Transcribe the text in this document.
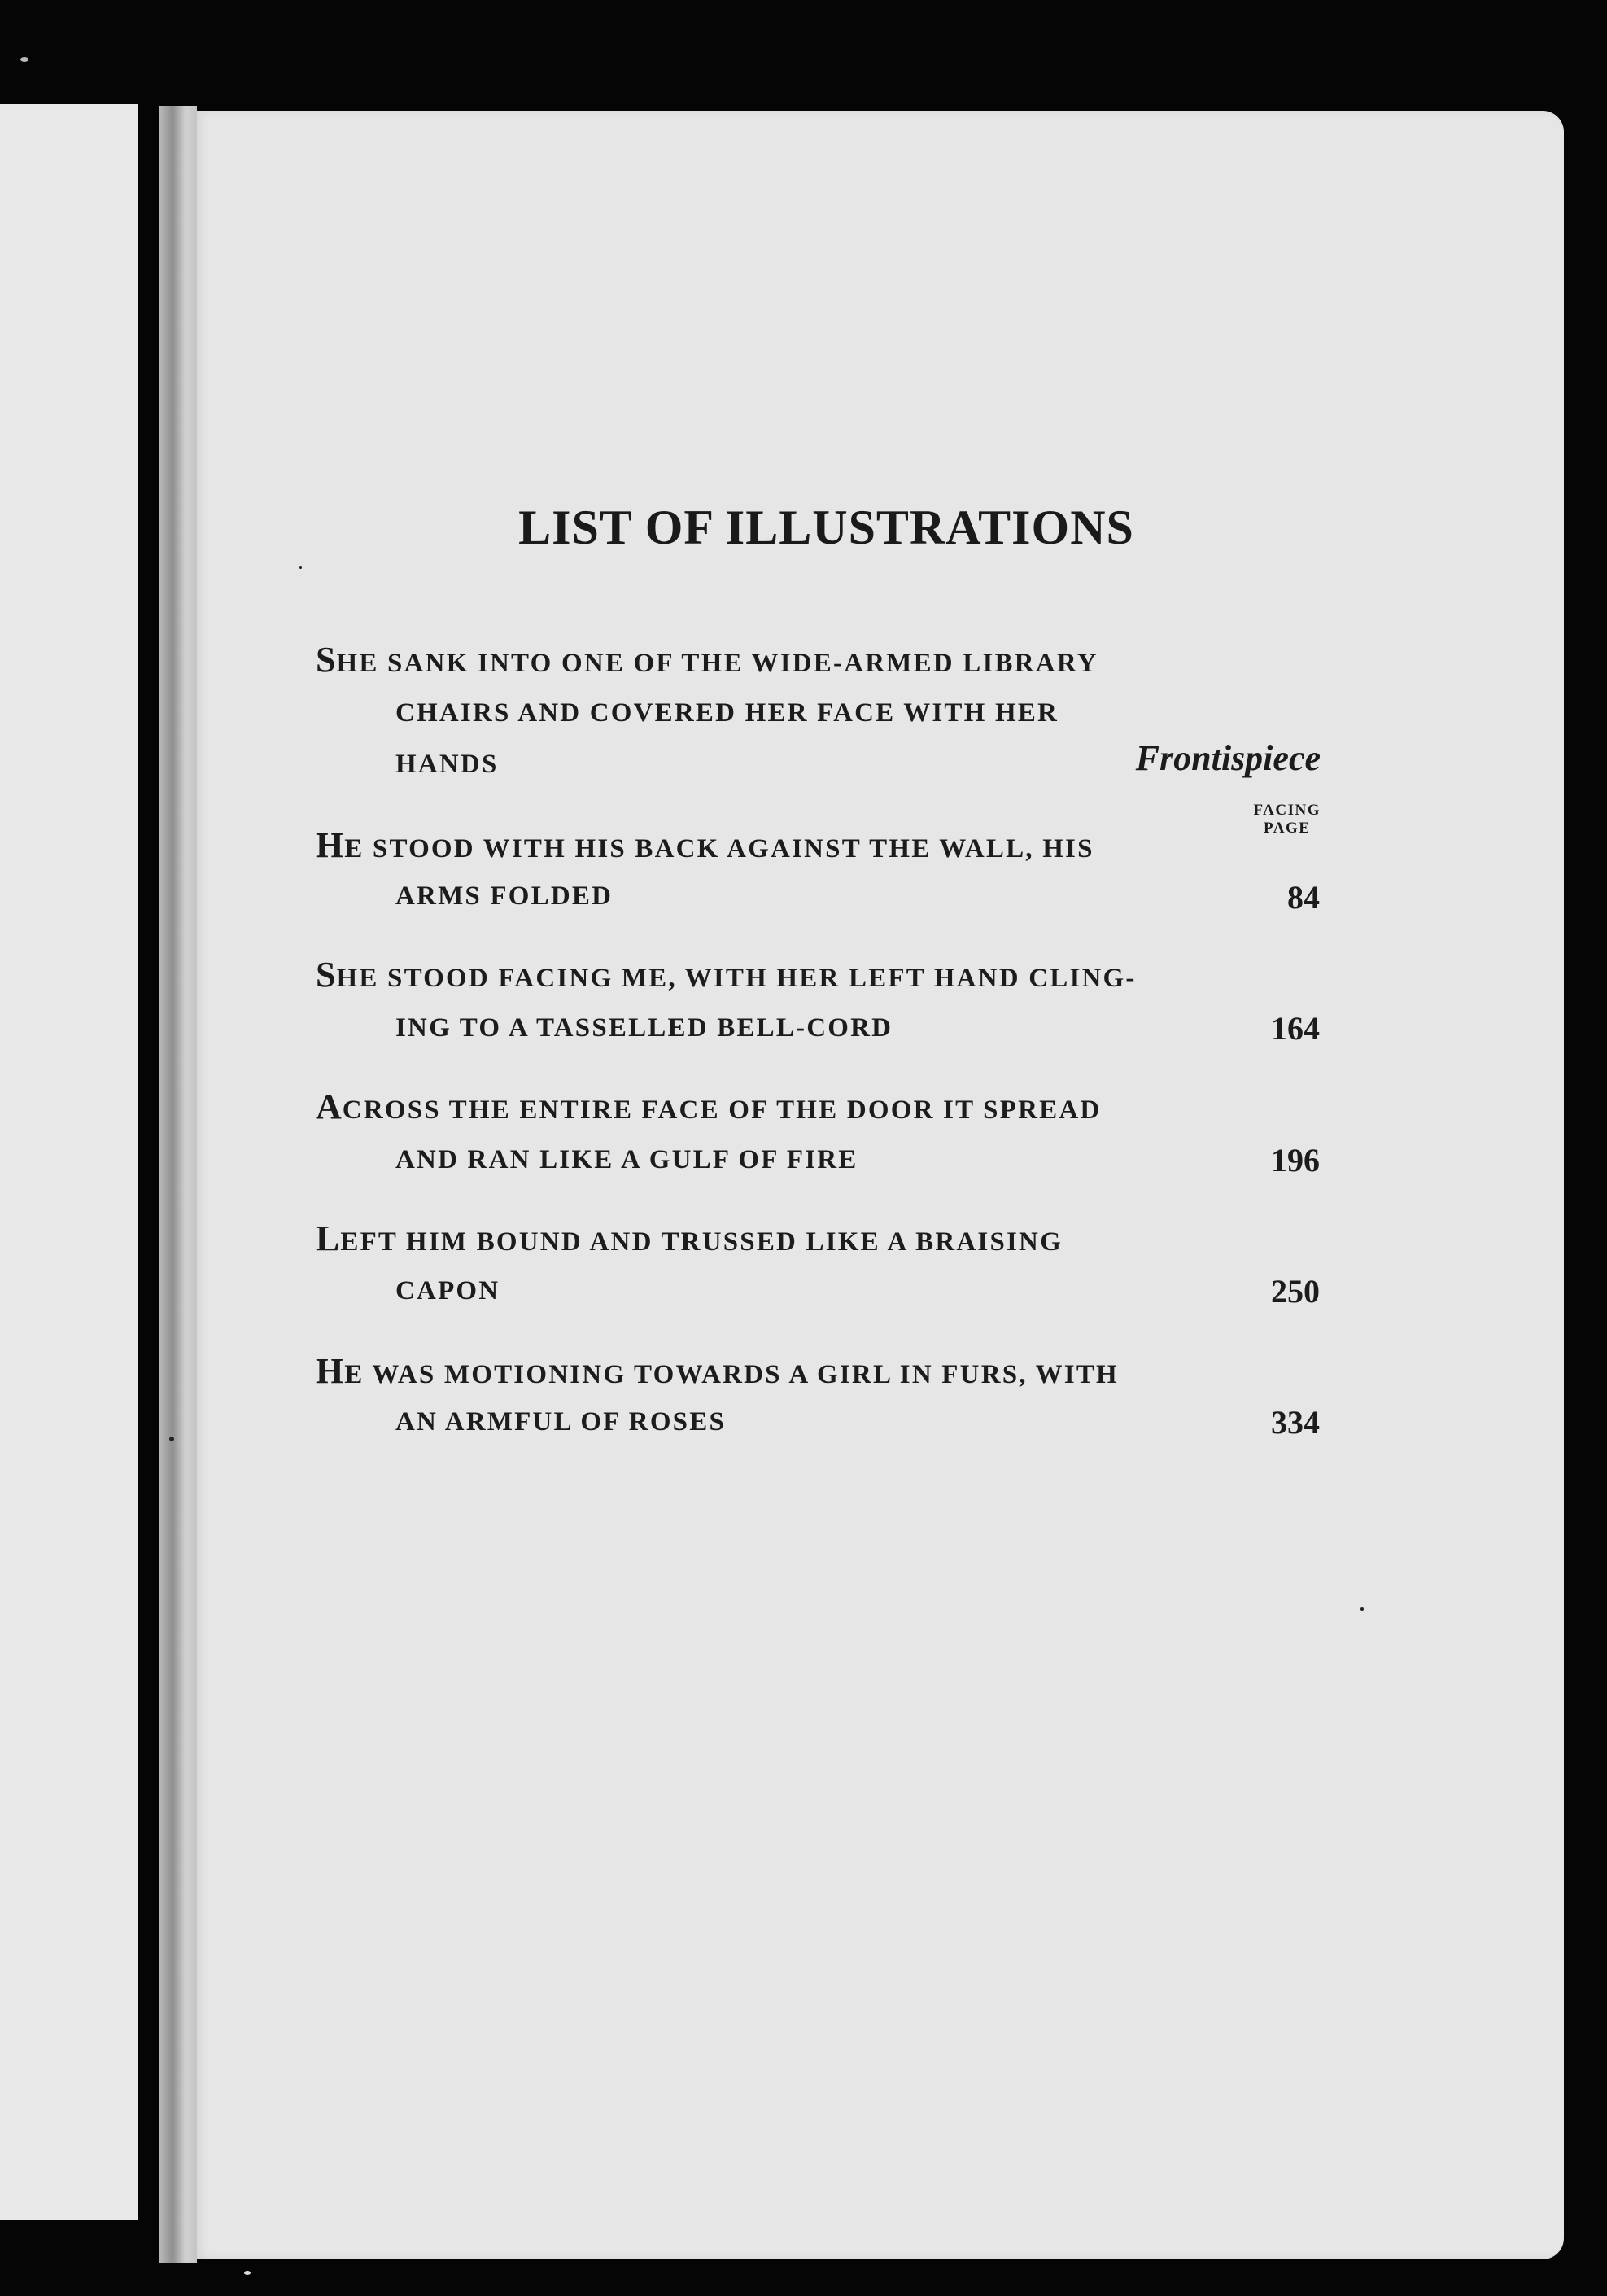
LIST OF ILLUSTRATIONS
SHE SANK INTO ONE OF THE WIDE-ARMED LIBRARY
CHAIRS AND COVERED HER FACE WITH HER
HANDS	Frontispiece
FACING
PAGE
HE STOOD WITH HIS BACK AGAINST THE WALL, HIS
ARMS FOLDED	84
SHE STOOD FACING ME, WITH HER LEFT HAND CLING-
ING TO A TASSELLED BELL-CORD	164
ACROSS THE ENTIRE FACE OF THE DOOR IT SPREAD
AND RAN LIKE A GULF OF FIRE	196
LEFT HIM BOUND AND TRUSSED LIKE A BRAISING
CAPON	250
HE WAS MOTIONING TOWARDS A GIRL IN FURS, WITH
AN ARMFUL OF ROSES	334
